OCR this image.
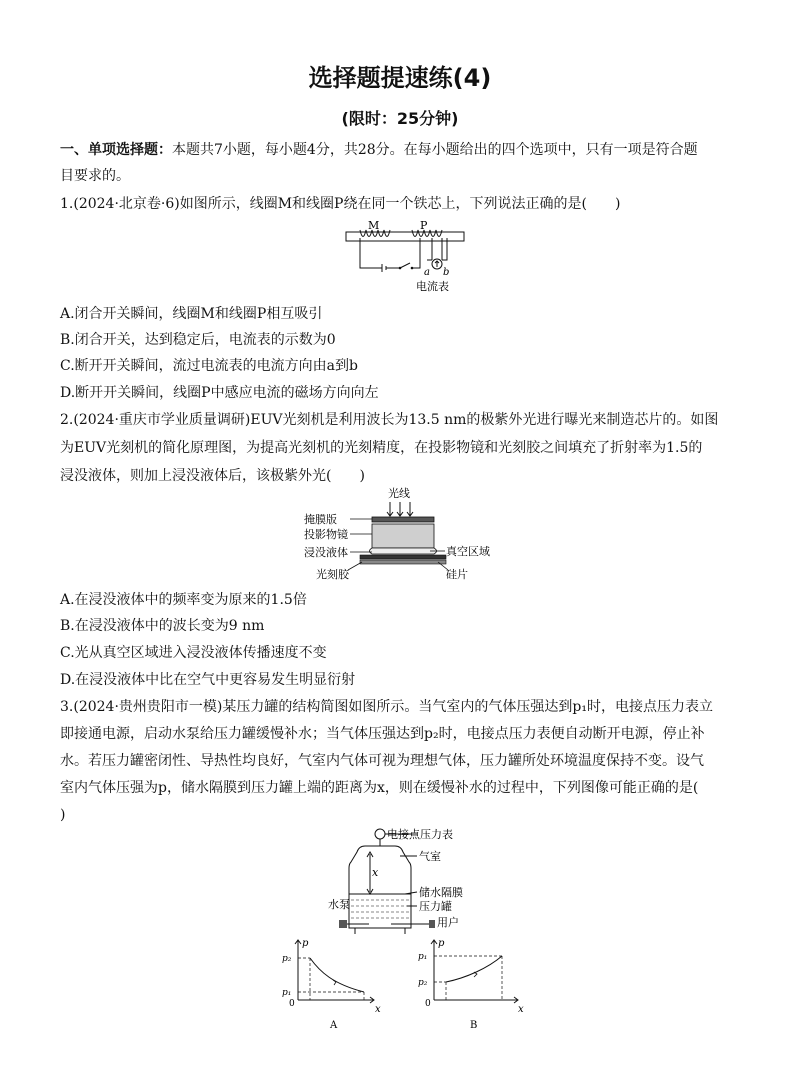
选择题提速练(4)
(限时：25分钟)
一、单项选择题：本题共7小题，每小题4分，共28分。在每小题给出的四个选项中，只有一项是符合题
目要求的。
1.(2024·北京卷·6)如图所示，线圈M和线圈P绕在同一个铁芯上，下列说法正确的是(　　)
M	P
a b
电流表
A.闭合开关瞬间，线圈M和线圈P相互吸引
B.闭合开关，达到稳定后，电流表的示数为0
C.断开开关瞬间，流过电流表的电流方向由a到b
D.断开开关瞬间，线圈P中感应电流的磁场方向向左
2.(2024·重庆市学业质量调研)EUV光刻机是利用波长为13.5 nm的极紫外光进行曝光来制造芯片的。如图
为EUV光刻机的简化原理图，为提高光刻机的光刻精度，在投影物镜和光刻胶之间填充了折射率为1.5的
浸没液体，则加上浸没液体后，该极紫外光(　　)
光线
掩膜版
投影物镜
浸没液体	真空区域
光刻胶	硅片
A.在浸没液体中的频率变为原来的1.5倍
B.在浸没液体中的波长变为9 nm
C.光从真空区域进入浸没液体传播速度不变
D.在浸没液体中比在空气中更容易发生明显衍射
3.(2024·贵州贵阳市一模)某压力罐的结构简图如图所示。当气室内的气体压强达到p₁时，电接点压力表立
即接通电源，启动水泵给压力罐缓慢补水；当气体压强达到p₂时，电接点压力表便自动断开电源，停止补
水。若压力罐密闭性、导热性均良好，气室内气体可视为理想气体，压力罐所处环境温度保持不变。设气
室内气体压强为p，储水隔膜到压力罐上端的距离为x，则在缓慢补水的过程中，下列图像可能正确的是(
)
电接点压力表
气室
x
储水隔膜
水泵	压力罐
用户
p
x
0
p₂
p₁
A
p
x
0
p₁
p₂
B
